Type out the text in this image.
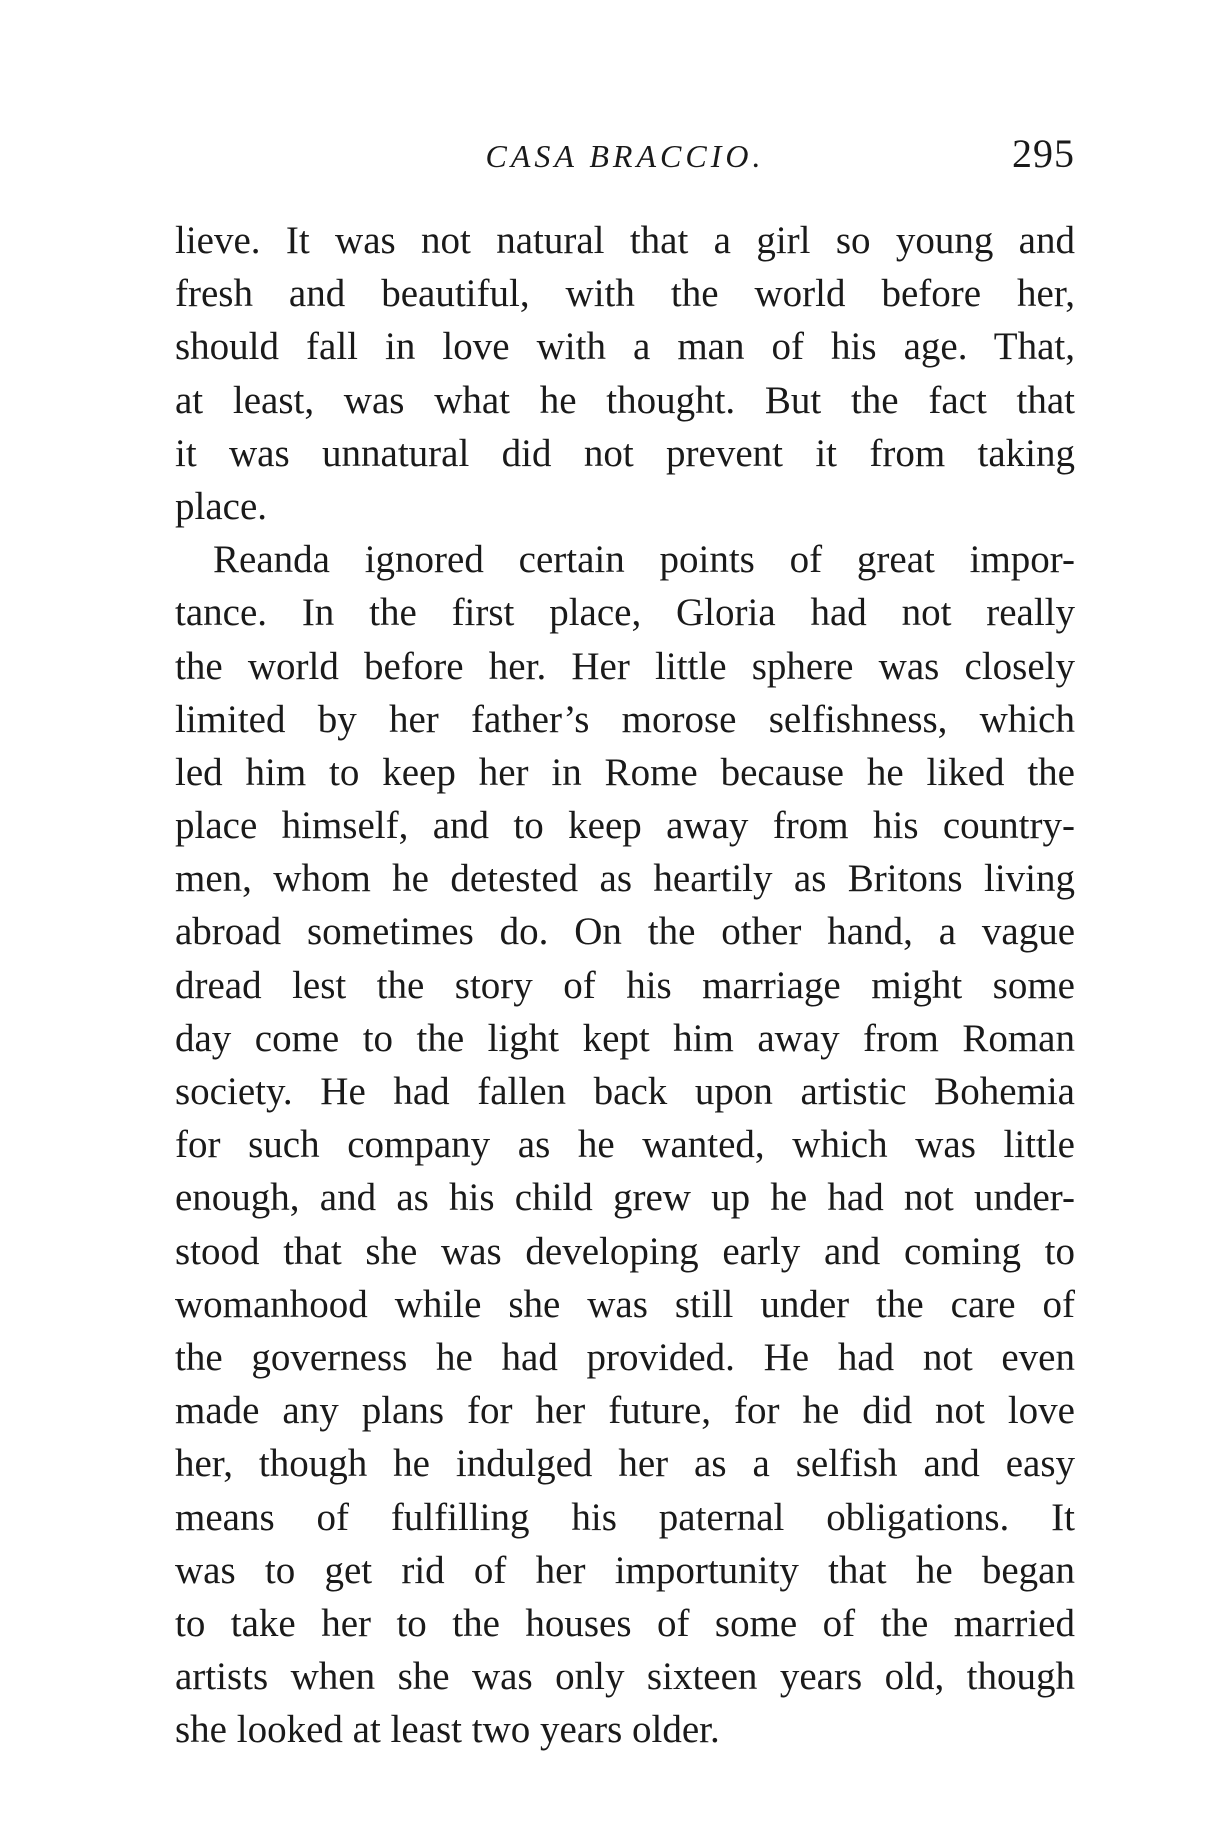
CASA BRACCIO.	295
lieve. It was not natural that a girl so young and
fresh and beautiful, with the world before her,
should fall in love with a man of his age. That,
at least, was what he thought. But the fact that
it was unnatural did not prevent it from taking
place.
Reanda ignored certain points of great impor-
tance. In the first place, Gloria had not really
the world before her. Her little sphere was closely
limited by her father’s morose selfishness, which
led him to keep her in Rome because he liked the
place himself, and to keep away from his country-
men, whom he detested as heartily as Britons living
abroad sometimes do. On the other hand, a vague
dread lest the story of his marriage might some
day come to the light kept him away from Roman
society. He had fallen back upon artistic Bohemia
for such company as he wanted, which was little
enough, and as his child grew up he had not under-
stood that she was developing early and coming to
womanhood while she was still under the care of
the governess he had provided. He had not even
made any plans for her future, for he did not love
her, though he indulged her as a selfish and easy
means of fulfilling his paternal obligations. It
was to get rid of her importunity that he began
to take her to the houses of some of the married
artists when she was only sixteen years old, though
she looked at least two years older.
